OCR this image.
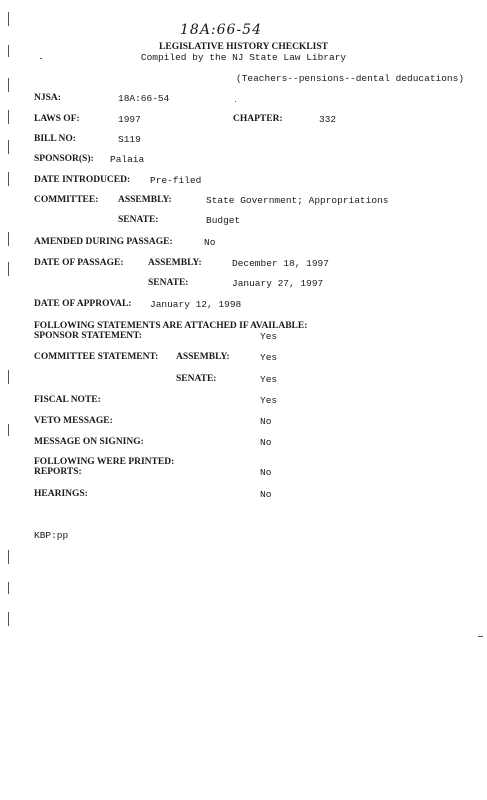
18A:66-54
LEGISLATIVE HISTORY CHECKLIST
Compiled by the NJ State Law Library
(Teachers--pensions--dental deducations)
NJSA:	18A:66-54
LAWS OF:	1997	CHAPTER:	332
BILL NO:	S119
SPONSOR(S): Palaia
DATE INTRODUCED: Pre-filed
COMMITTEE: ASSEMBLY:	State Government; Appropriations
SENATE:	Budget
AMENDED DURING PASSAGE:	No
DATE OF PASSAGE:	ASSEMBLY:	December 18, 1997
SENATE:	January 27, 1997
DATE OF APPROVAL: January 12, 1998
FOLLOWING STATEMENTS ARE ATTACHED IF AVAILABLE:
SPONSOR STATEMENT:	Yes
COMMITTEE STATEMENT: ASSEMBLY:	Yes
SENATE:	Yes
FISCAL NOTE:	Yes
VETO MESSAGE:	No
MESSAGE ON SIGNING:	No
FOLLOWING WERE PRINTED:
REPORTS:	No
HEARINGS:	No
KBP:pp
